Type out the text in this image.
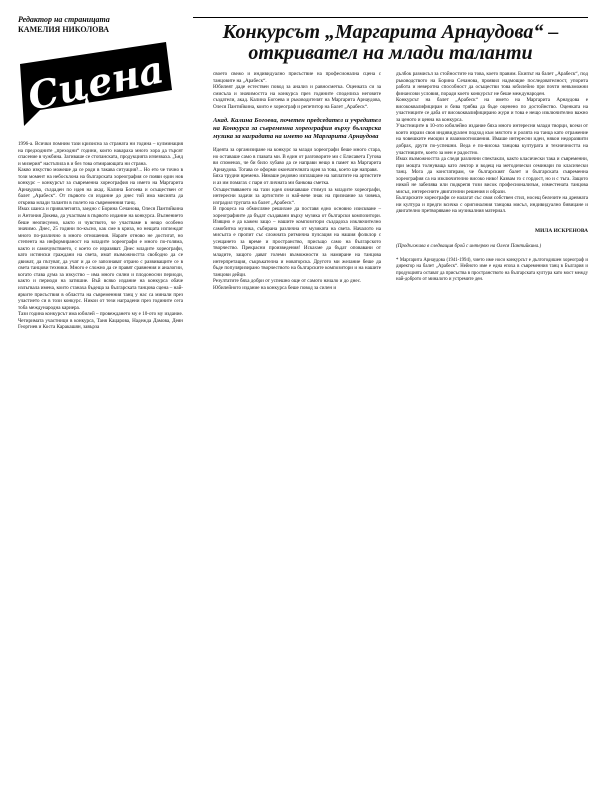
Редактор на страницата
КАМЕЛИЯ НИКОЛОВА
Сцена
Конкурсът „Маргарита Арнаудова“ – откривател на млади таланти

1996-а. Всички помним тази кризисна за страната ни година – кулминация на предходните „преходни“ години, които накараха много хора да търсят спасение в чужбина. Загиваше се стопанската, продукцията изчезваха. „Ънд и мизерия“ настъпила в и без това отмирающата ни страна.

Какво изкуство можеше да се роди в такава ситуация?... Но ето че точно в този момент на небосклона на българската хореография се появи един нов конкурс – конкурсът за съвременна хореография на името на Маргарита Арнаудова, създаден по идея на акад. Калина Богоева и осъществен от балет „Арабеск“. От първото си издание до днес той има мисията да открива млади таланти в полето на съвременния танц.

Имах шанса и привилегията, заедно с Борина Сечанова, Олеся Пантийкина и Антония Докева, да участвам в първото издание на конкурса. Вълнението беше неописуемо, както и чувството, че участваме в нещо особено значимо. Днес, 25 години по-късно, как сме в криза, но нещата изглеждат много по-различно в много отношения. Нарате отново не достигат, но степента на информираност на младите хореографи е много по-голяма, както и самочувствието, с което се изразяват. Днес младите хореографи, като истински граждани на света, имат възможността свободно да се движат, да пътуват, да учат и да се запознават отрано с развиващите се в света танцови техники. Много е сложно да се правят сравнения и аналогии, когато става дума за изкуство – има много силни и плодоносни периоди, както и периоди на затишие. Въй всяко издание на конкурса обаче излъгвала имена, които станаха бъдеща за българската танцова сцена – най-ярките присъствия в областта на съвременния танц у нас са минали през участието си в този конкурс. Никои от тези наградени през годините сега тоба международна кариера.

Тази година конкурсът има юбилей – провеждането му е 10-ото му издание. Четиримата участници в конкурса, Таня Кацарова, Надежда Дамова, Деян Георгиев и Коста Каракашян, завърза

своето свежо и индивидуално присъствие на професионална сцена с танцовите на „Арабеск“.

Юбилеят даде естествен повод за анализ и равносметка. Оценката си за смисъла и значимостта на конкурса през годините споделиха неговите създатели, акад. Калина Богоева и ръководителят на Маргарита Арнаудова, Олеся Пантийкина, които е хореограф и репетитор на Балет „Арабеск“.

Акад. Калина Богоева, почетен председател и учредител на Конкурса за съвременна хореография върху българска музика за наградата на името на Маргарита Арнаудова

Идеята за организиране на конкурс за млади хореографи беше много стара, но оставаше само в главата ми. В един от разговорите ми с Елисавета Гугова ви споменах, че би било хубаво да се направи нещо в памет на Маргарита Арнаудова. Тогава се оформи окончателната идея за това, което ще направя.

Бяха трудни времена. Нямаше редовно изплащане на заплатите на артистите и аз им помагах с пари от личната ми банкова сметка.

Осъществяването на тази идея означаваше стимул за младите хореографи, интересни задачи за артистите и най-вече знак на признание за човека, изградил трупата на балет „Арабеск“.

В процеса на обмисляне решихме да поставя едно основно изискване – хореографиите да бъдат създавани върху музика от български композитори. Изящно е да кажем защо – нашите композитори създадоха изключително самобитна музика, събирана различна от музиката на света. Началото на мисълта е пропит със сложната ритмична пулсация на нашия фолклор с усещането за време и пространство, присъщо само на българското творчество. Прекрасни произведения! Искахме да бъдат оповавани от младите, защото дават големи възможности за намиране на танцова интерпретация, съкръкателна и новаторска. Другото ми желание беше да бъде популяризирано творчеството на българските композитори и на нашите танцови дейци.

Резултатите бяха добри от успешно още от самото начало и до днес.

Юбилейното издание на конкурса беше повод за силен и

дълбок размисъл за стойностите на това, което правим. Екипът на балет „Арабеск“, под ръководството на Борина Сечанова, проявил надмощие последователност, упорита работа и неверотна способност да осъществи това юбилейно при почти невъзможни финансови условия, поради което конкурсът не беше международен.

Конкурсът на балет „Арабеск“ на името на Маргарита Арнаудова е висококвалифициран и бива трябва да бъде оценено по достойнство. Оценката на участниците се даба от висококвалифицирано жури и това е нещо изключително важно за ценото и ценна на конкурса.

Участниците в 10-ото юбилейно издание бяха много интересни млади творци, всеки от които изрази своя индивидуален подход към мястото и ролята на танца като отражение на човешките емоции и взаимоотношения. Имаше интересни идеи, някои недоразвити добрах, други по-успешни. Веда е по-висока танцова културата и техничността на участниците, което за мен е радостно.

Имах възможността да следя различни спектакли, както класически така и съвременни, при мощта толнуваща като лектор и водещ на методически семинари по класически танц. Мога да констатирам, че българският балет и българската съвременна хореография са на изключително високо ниво! Казвам го с гордост, но и с тъга. Защото никой не забелява или подкрепя този висок професионализъм, изместената танцова мисъл, интересните двигателни решения и образи.

Българските хореографи се налагат със своя собствен стил, носещ белезите на древната ни култура и предги всичко с оригиналния танцова мисъл, индивидуално бивицане и двигателно претворяване на музикалния материал.

МИЛА ИСКРЕНОВА

(Продължава в следващия брой с интервю на Олеся Пантийкина.)

* Маргарита Арнаудова (1941-1994), чието име носи конкурсът е дългогодишен хореограф и директор на балет „Арабеск“. Нейното име е една епоха в съвременния танц в България и продукцията остават да присъства в пространството на българската култура като мост между най-доброто от миналото и устремите ден.
